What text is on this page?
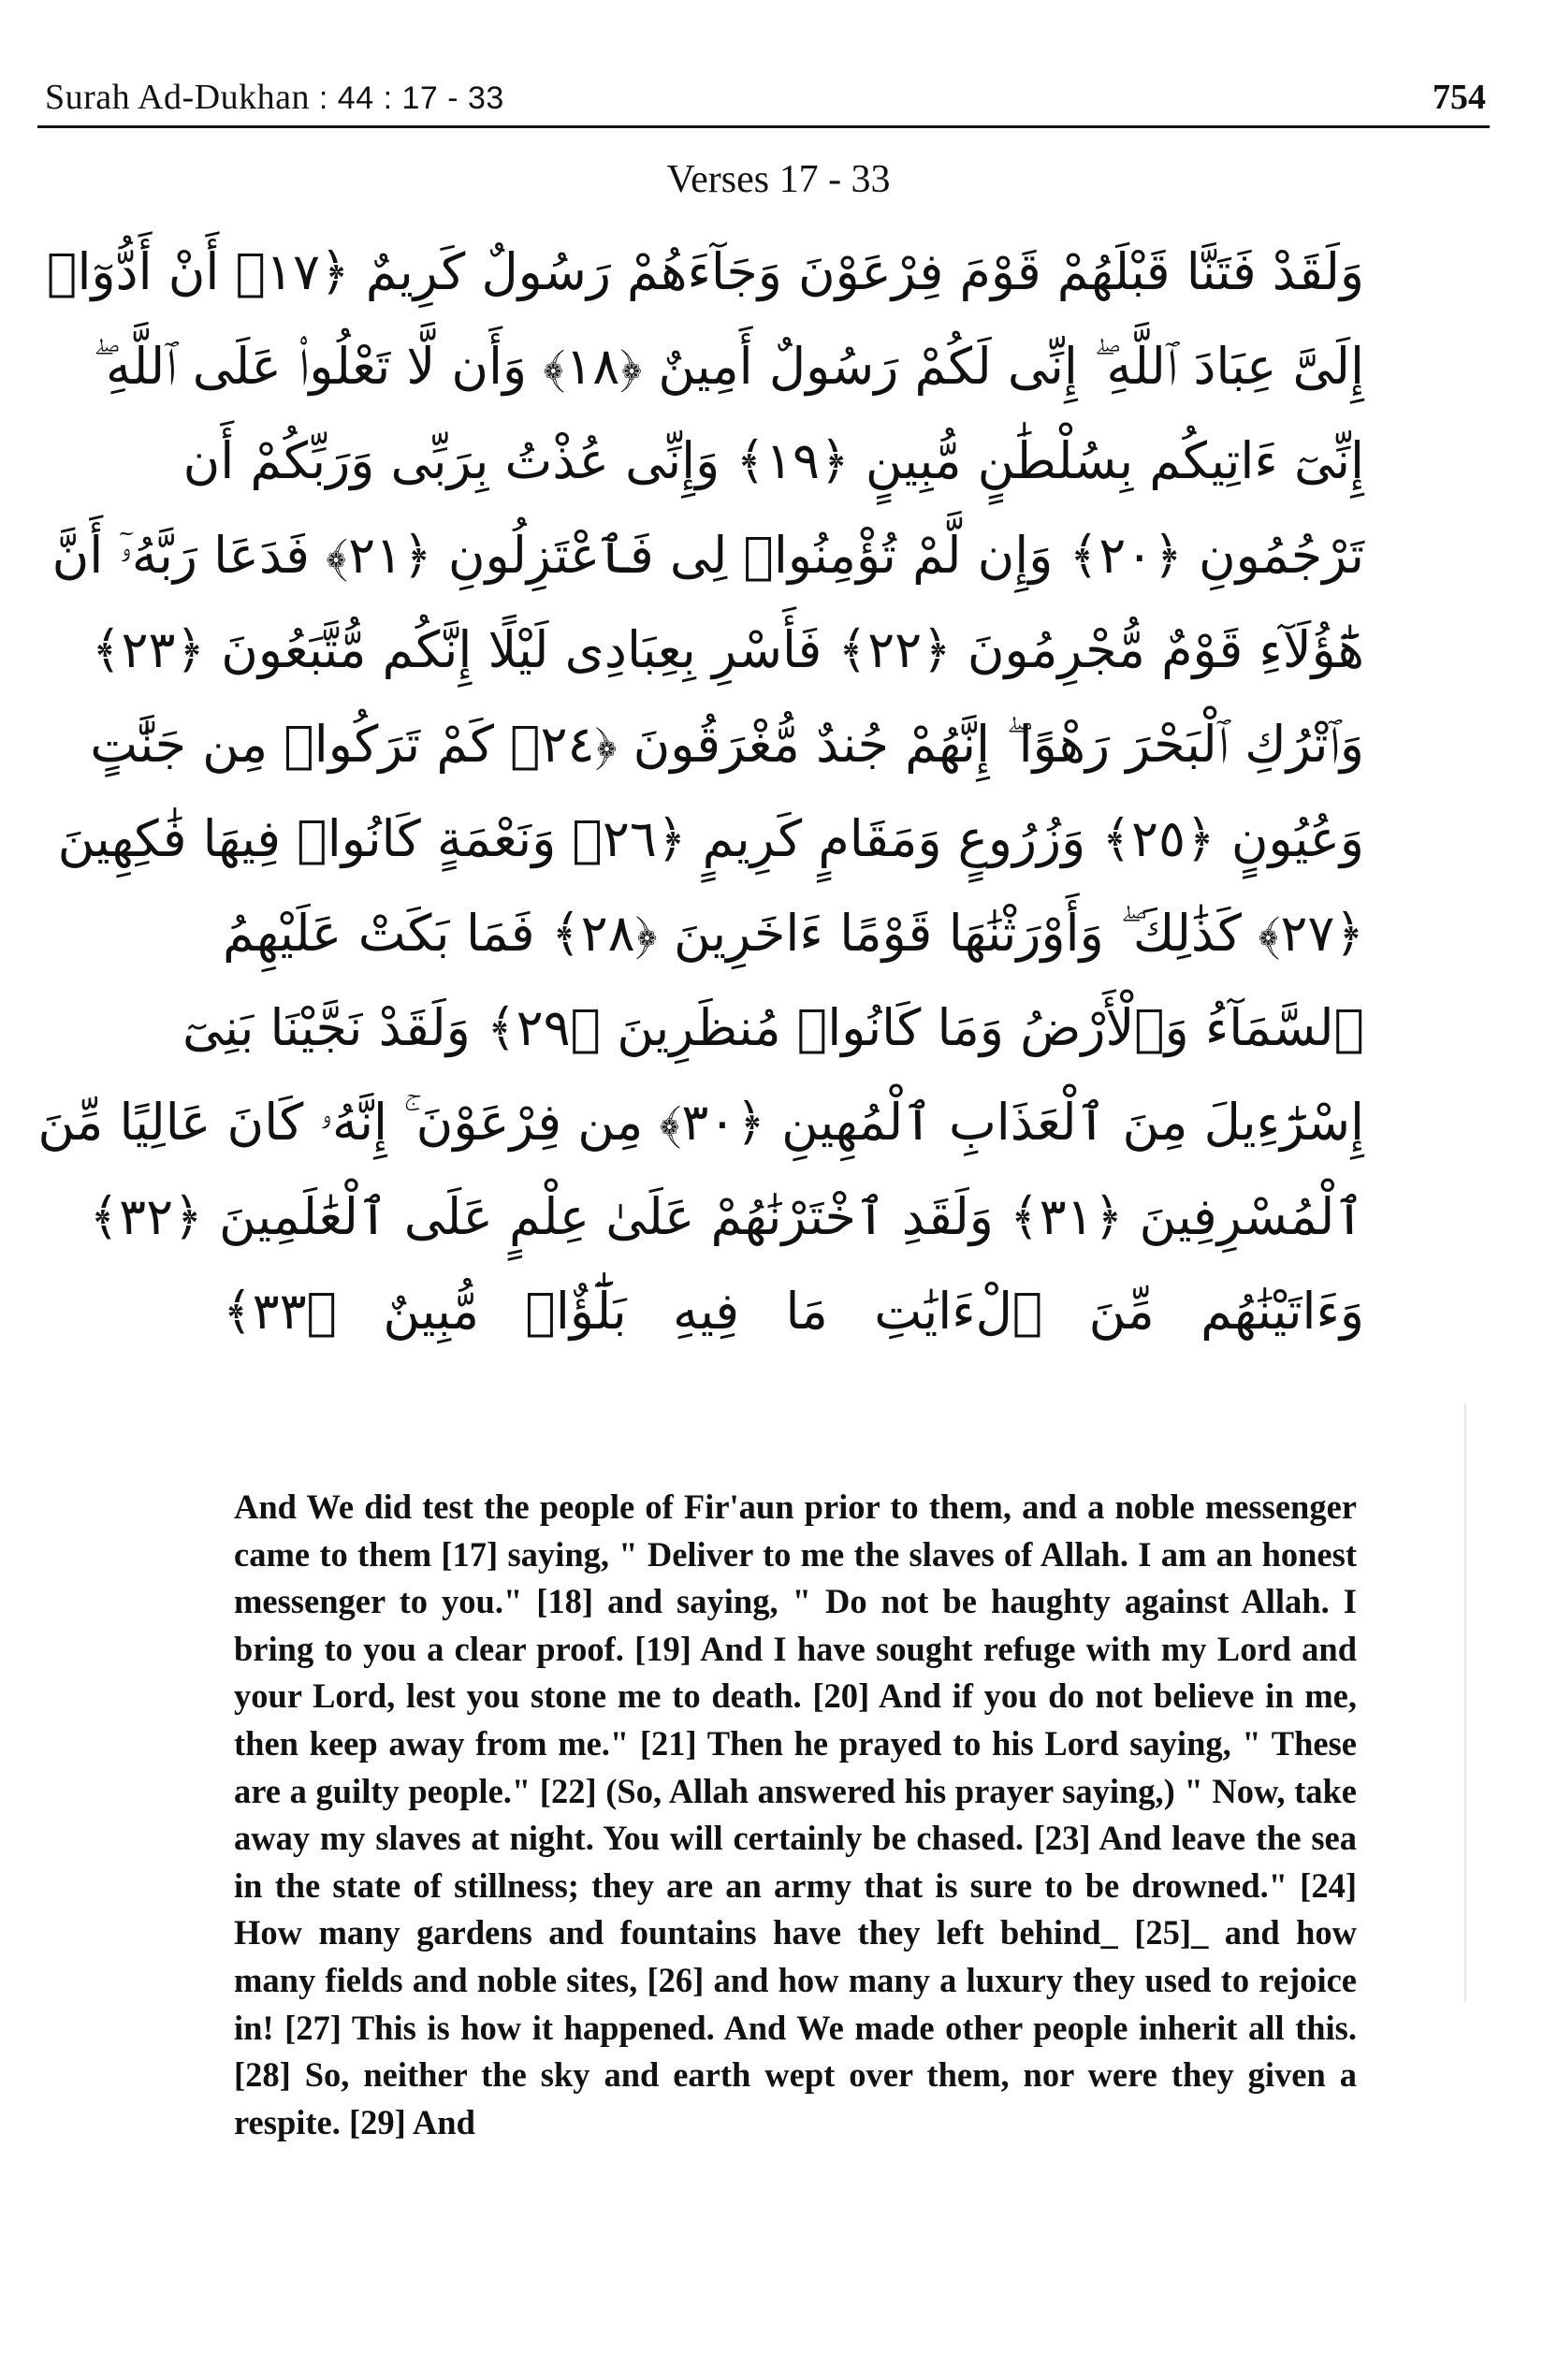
Surah Ad-Dukhan : 44 : 17 - 33	754
Verses 17 - 33
وَلَقَدْ فَتَنَّا قَبْلَهُمْ قَوْمَ فِرْعَوْنَ وَجَآءَهُمْ رَسُولٌ كَرِيمٌ ﴿١٧﴾ أَنْ أَدُّوٓا۟
إِلَىَّ عِبَادَ ٱللَّهِ ۖ إِنِّى لَكُمْ رَسُولٌ أَمِينٌ ﴿١٨﴾ وَأَن لَّا تَعْلُوا۟ عَلَى ٱللَّهِ ۖ
إِنِّىٓ ءَاتِيكُم بِسُلْطَٰنٍ مُّبِينٍ ﴿١٩﴾ وَإِنِّى عُذْتُ بِرَبِّى وَرَبِّكُمْ أَن
تَرْجُمُونِ ﴿٢٠﴾ وَإِن لَّمْ تُؤْمِنُوا۟ لِى فَٱعْتَزِلُونِ ﴿٢١﴾ فَدَعَا رَبَّهُۥٓ أَنَّ
هَٰٓؤُلَآءِ قَوْمٌ مُّجْرِمُونَ ﴿٢٢﴾ فَأَسْرِ بِعِبَادِى لَيْلًا إِنَّكُم مُّتَّبَعُونَ ﴿٢٣﴾
وَٱتْرُكِ ٱلْبَحْرَ رَهْوًا ۖ إِنَّهُمْ جُندٌ مُّغْرَقُونَ ﴿٢٤﴾ كَمْ تَرَكُوا۟ مِن جَنَّٰتٍ
وَعُيُونٍ ﴿٢٥﴾ وَزُرُوعٍ وَمَقَامٍ كَرِيمٍ ﴿٢٦﴾ وَنَعْمَةٍ كَانُوا۟ فِيهَا فَٰكِهِينَ
﴿٢٧﴾ كَذَٰلِكَ ۖ وَأَوْرَثْنَٰهَا قَوْمًا ءَاخَرِينَ ﴿٢٨﴾ فَمَا بَكَتْ عَلَيْهِمُ
ٱلسَّمَآءُ وَٱلْأَرْضُ وَمَا كَانُوا۟ مُنظَرِينَ ﴿٢٩﴾ وَلَقَدْ نَجَّيْنَا بَنِىٓ
إِسْرَٰٓءِيلَ مِنَ ٱلْعَذَابِ ٱلْمُهِينِ ﴿٣٠﴾ مِن فِرْعَوْنَ ۚ إِنَّهُۥ كَانَ عَالِيًا مِّنَ
ٱلْمُسْرِفِينَ ﴿٣١﴾ وَلَقَدِ ٱخْتَرْنَٰهُمْ عَلَىٰ عِلْمٍ عَلَى ٱلْعَٰلَمِينَ ﴿٣٢﴾
وَءَاتَيْنَٰهُم مِّنَ ٱلْءَايَٰتِ مَا فِيهِ بَلَٰٓؤٌا۟ مُّبِينٌ ﴿٣٣﴾

And We did test the people of Fir'aun prior to them, and a noble messenger came to them [17] saying, " Deliver to me the slaves of Allah. I am an honest messenger to you." [18] and saying, " Do not be haughty against Allah. I bring to you a clear proof. [19] And I have sought refuge with my Lord and your Lord, lest you stone me to death. [20] And if you do not believe in me, then keep away from me." [21] Then he prayed to his Lord saying, " These are a guilty people." [22] (So, Allah answered his prayer saying,) " Now, take away my slaves at night. You will certainly be chased. [23] And leave the sea in the state of stillness; they are an army that is sure to be drowned." [24] How many gardens and fountains have they left behind_ [25]_ and how many fields and noble sites, [26] and how many a luxury they used to rejoice in! [27] This is how it happened. And We made other people inherit all this. [28] So, neither the sky and earth wept over them, nor were they given a respite. [29] And
